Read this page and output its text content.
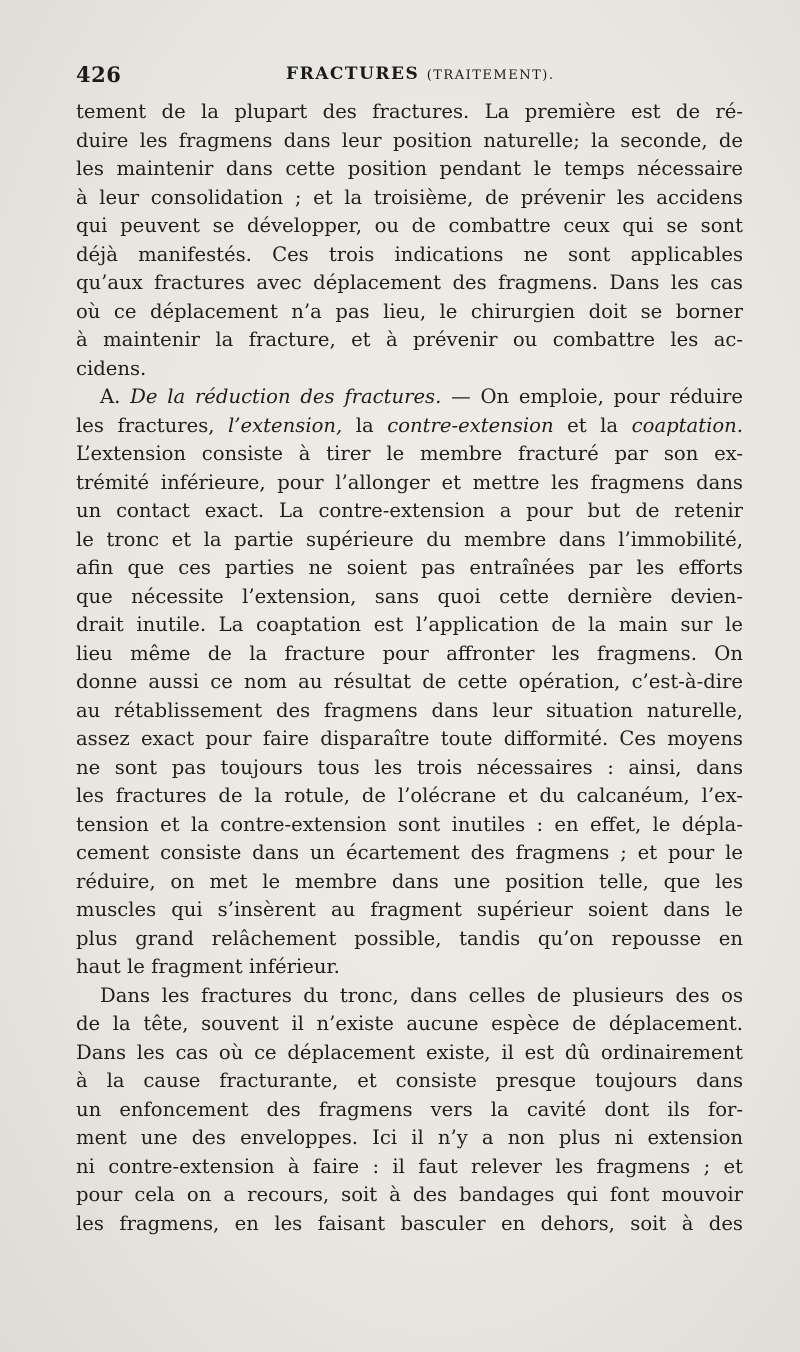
426	FRACTURES (TRAITEMENT).
tement de la plupart des fractures. La première est de ré-
duire les fragmens dans leur position naturelle; la seconde, de
les maintenir dans cette position pendant le temps nécessaire
à leur consolidation ; et la troisième, de prévenir les accidens
qui peuvent se développer, ou de combattre ceux qui se sont
déjà manifestés. Ces trois indications ne sont applicables
qu’aux fractures avec déplacement des fragmens. Dans les cas
où ce déplacement n’a pas lieu, le chirurgien doit se borner
à maintenir la fracture, et à prévenir ou combattre les ac-
cidens.
A. De la réduction des fractures. — On emploie, pour réduire
les fractures, l’extension, la contre-extension et la coaptation.
L’extension consiste à tirer le membre fracturé par son ex-
trémité inférieure, pour l’allonger et mettre les fragmens dans
un contact exact. La contre-extension a pour but de retenir
le tronc et la partie supérieure du membre dans l’immobilité,
afin que ces parties ne soient pas entraînées par les efforts
que nécessite l’extension, sans quoi cette dernière devien-
drait inutile. La coaptation est l’application de la main sur le
lieu même de la fracture pour affronter les fragmens. On
donne aussi ce nom au résultat de cette opération, c’est-à-dire
au rétablissement des fragmens dans leur situation naturelle,
assez exact pour faire disparaître toute difformité. Ces moyens
ne sont pas toujours tous les trois nécessaires : ainsi, dans
les fractures de la rotule, de l’olécrane et du calcanéum, l’ex-
tension et la contre-extension sont inutiles : en effet, le dépla-
cement consiste dans un écartement des fragmens ; et pour le
réduire, on met le membre dans une position telle, que les
muscles qui s’insèrent au fragment supérieur soient dans le
plus grand relâchement possible, tandis qu’on repousse en
haut le fragment inférieur.
Dans les fractures du tronc, dans celles de plusieurs des os
de la tête, souvent il n’existe aucune espèce de déplacement.
Dans les cas où ce déplacement existe, il est dû ordinairement
à la cause fracturante, et consiste presque toujours dans
un enfoncement des fragmens vers la cavité dont ils for-
ment une des enveloppes. Ici il n’y a non plus ni extension
ni contre-extension à faire : il faut relever les fragmens ; et
pour cela on a recours, soit à des bandages qui font mouvoir
les fragmens, en les faisant basculer en dehors, soit à des
